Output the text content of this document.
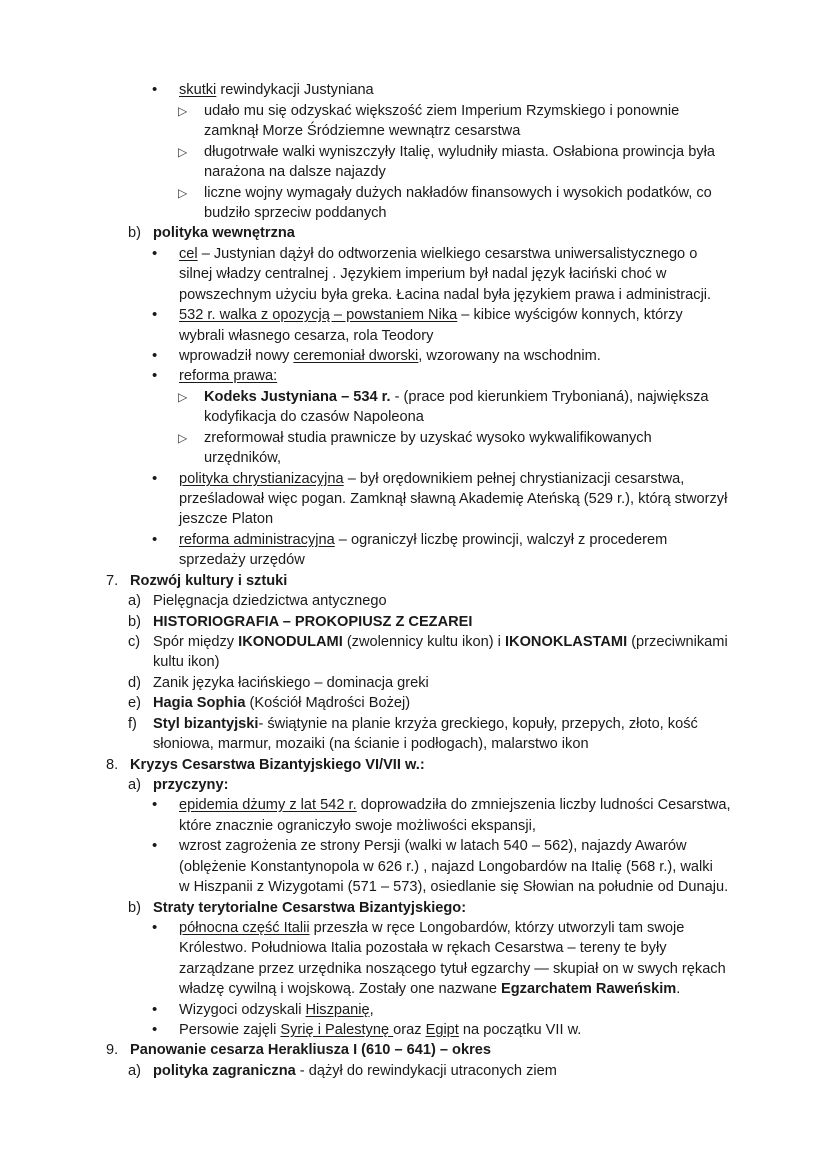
• skutki rewindykacji Justyniana
▷ udało mu się odzyskać większość ziem Imperium Rzymskiego i ponownie
zamknął Morze Śródziemne wewnątrz cesarstwa
▷ długotrwałe walki wyniszczyły Italię, wyludniły miasta. Osłabiona prowincja była
narażona na dalsze najazdy
▷ liczne wojny wymagały dużych nakładów finansowych i wysokich podatków, co
budziło sprzeciw poddanych
b) polityka wewnętrzna
• cel – Justynian dążył do odtworzenia wielkiego cesarstwa uniwersalistycznego o
silnej władzy centralnej . Językiem imperium był nadal język łaciński choć w
powszechnym użyciu była greka. Łacina nadal była językiem prawa i administracji.
• 532 r. walka z opozycją – powstaniem Nika – kibice wyścigów konnych, którzy
wybrali własnego cesarza, rola Teodory
• wprowadził nowy ceremoniał dworski, wzorowany na wschodnim.
• reforma prawa:
▷ Kodeks Justyniana – 534 r. - (prace pod kierunkiem Trybonianá), największa
kodyfikacja do czasów Napoleona
▷ zreformował studia prawnicze by uzyskać wysoko wykwalifikowanych
urzędników,
• polityka chrystianizacyjna – był orędownikiem pełnej chrystianizacji cesarstwa,
prześladował więc pogan. Zamknął sławną Akademię Ateńską (529 r.), którą stworzył
jeszcze Platon
• reforma administracyjna – ograniczył liczbę prowincji, walczył z procederem
sprzedaży urzędów
7. Rozwój kultury i sztuki
a) Pielęgnacja dziedzictwa antycznego
b) HISTORIOGRAFIA – PROKOPIUSZ Z CEZAREI
c) Spór między IKONODULAMI (zwolennicy kultu ikon) i IKONOKLASTAMI (przeciwnikami
kultu ikon)
d) Zanik języka łacińskiego – dominacja greki
e) Hagia Sophia (Kościół Mądrości Bożej)
f) Styl bizantyjski- świątynie na planie krzyża greckiego, kopuły, przepych, złoto, kość
słoniowa, marmur, mozaiki (na ścianie i podłogach), malarstwo ikon
8. Kryzys Cesarstwa Bizantyjskiego VI/VII w.:
a) przyczyny:
• epidemia dżumy z lat 542 r. doprowadziła do zmniejszenia liczby ludności Cesarstwa,
które znacznie ograniczyło swoje możliwości ekspansji,
• wzrost zagrożenia ze strony Persji (walki w latach 540 – 562), najazdy Awarów
(oblężenie Konstantynopola w 626 r.) , najazd Longobardów na Italię (568 r.), walki
w Hiszpanii z Wizygotami (571 – 573), osiedlanie się Słowian na południe od Dunaju.
b) Straty terytorialne Cesarstwa Bizantyjskiego:
• północna część Italii przeszła w ręce Longobardów, którzy utworzyli tam swoje
Królestwo. Południowa Italia pozostała w rękach Cesarstwa – tereny te były
zarządzane przez urzędnika noszącego tytuł egzarchy — skupiał on w swych rękach
władzę cywilną i wojskową. Zostały one nazwane Egzarchatem Raweńskim.
• Wizygoci odzyskali Hiszpanię,
• Persowie zajęli Syrię i Palestynę oraz Egipt na początku VII w.
9. Panowanie cesarza Herakliusza I (610 – 641) – okres
a) polityka zagraniczna - dążył do rewindykacji utraconych ziem
